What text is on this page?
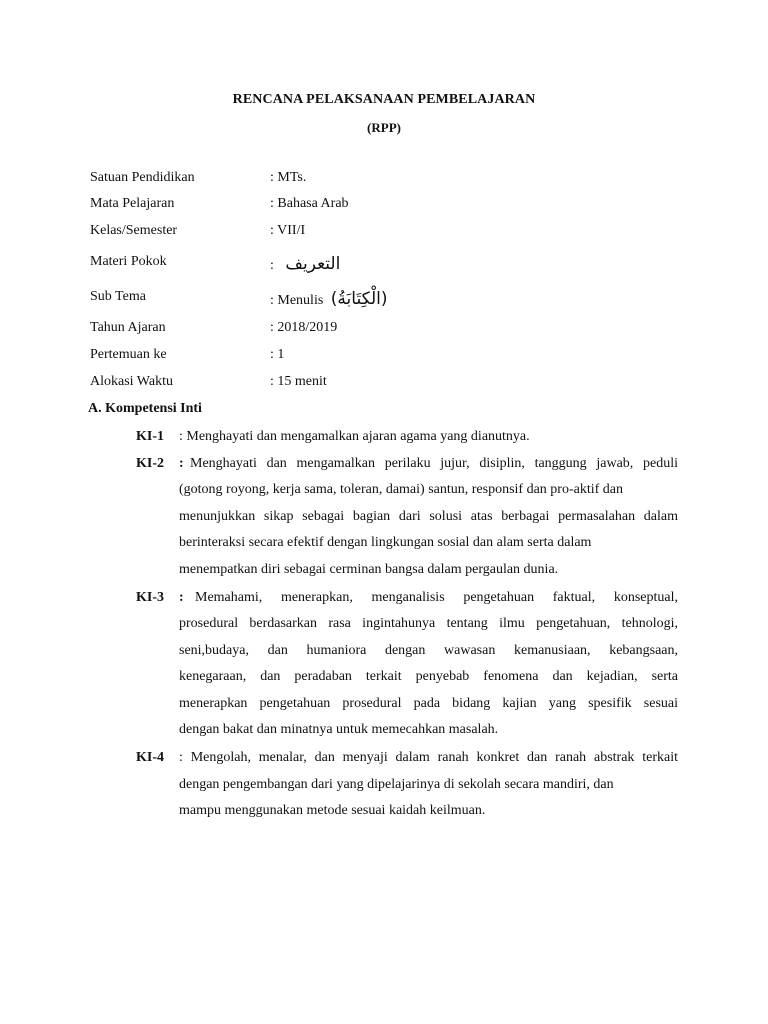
RENCANA PELAKSANAAN PEMBELAJARAN
(RPP)
Satuan Pendidikan	: MTs.
Mata Pelajaran	: Bahasa Arab
Kelas/Semester	: VII/I
Materi Pokok	: التعريف
Sub Tema	: Menulis (الْكِتَابَةُ)
Tahun Ajaran	: 2018/2019
Pertemuan ke	: 1
Alokasi Waktu	: 15 menit
A. Kompetensi Inti
KI-1 : Menghayati dan mengamalkan ajaran agama yang dianutnya.
KI-2 : Menghayati dan mengamalkan perilaku jujur, disiplin, tanggung jawab, peduli
(gotong royong, kerja sama, toleran, damai) santun, responsif dan pro-aktif dan
menunjukkan sikap sebagai bagian dari solusi atas berbagai permasalahan dalam
berinteraksi secara efektif dengan lingkungan sosial dan alam serta dalam
menempatkan diri sebagai cerminan bangsa dalam pergaulan dunia.
KI-3 : Memahami, menerapkan, menganalisis pengetahuan faktual, konseptual,
prosedural berdasarkan rasa ingintahunya tentang ilmu pengetahuan, tehnologi,
seni,budaya, dan humaniora dengan wawasan kemanusiaan, kebangsaan,
kenegaraan, dan peradaban terkait penyebab fenomena dan kejadian, serta
menerapkan pengetahuan prosedural pada bidang kajian yang spesifik sesuai
dengan bakat dan minatnya untuk memecahkan masalah.
KI-4 : Mengolah, menalar, dan menyaji dalam ranah konkret dan ranah abstrak terkait
dengan pengembangan dari yang dipelajarinya di sekolah secara mandiri, dan
mampu menggunakan metode sesuai kaidah keilmuan.
